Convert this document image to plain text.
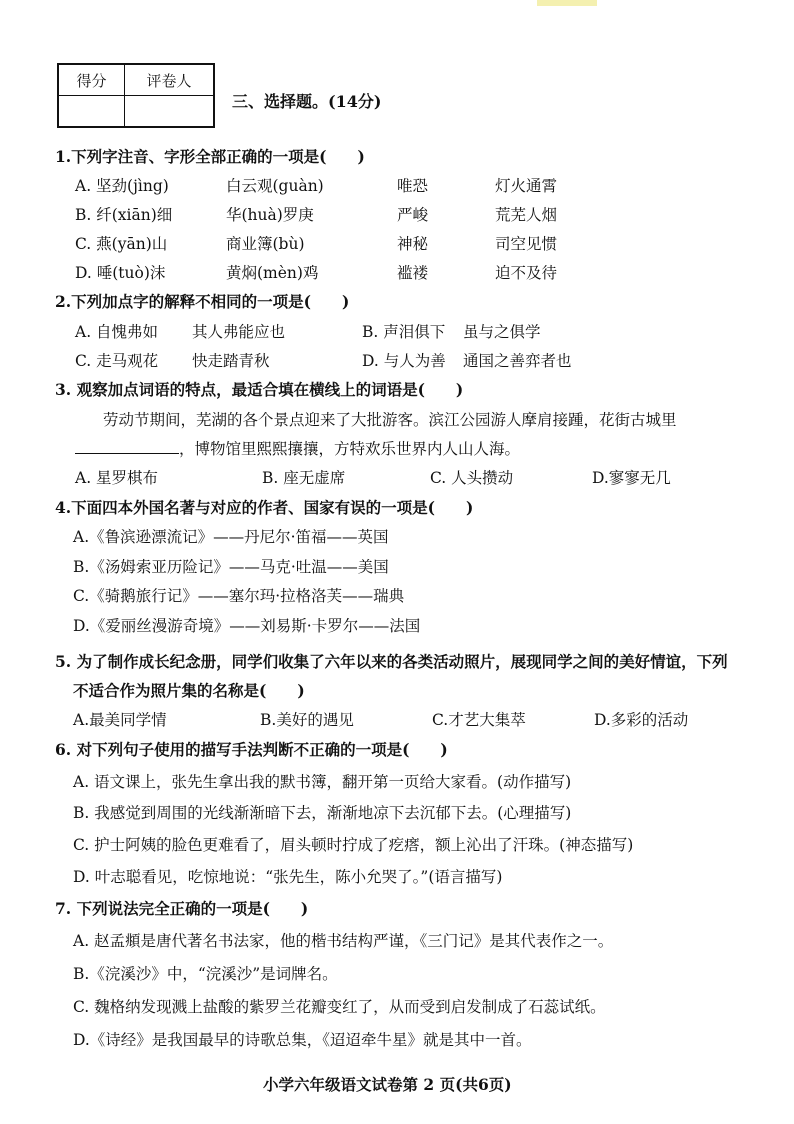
得分	评卷人

三、选择题。(14分)
1.下列字注音、字形全部正确的一项是(　　)
A. 坚劲(jìng)	白云观(guàn)	唯恐	灯火通霄
B. 纤(xiān)细	华(huà)罗庚	严峻	荒芜人烟
C. 燕(yān)山	商业簿(bù)	神秘	司空见惯
D. 唾(tuò)沫	黄焖(mèn)鸡	褴褛	迫不及待
2.下列加点字的解释不相同的一项是(　　)
A. 自愧弗如 其人弗能应也	B. 声泪俱下 虽与之俱学
C. 走马观花 快走踏青秋	D. 与人为善 通国之善弈者也
3. 观察加点词语的特点，最适合填在横线上的词语是(　　)
劳动节期间，芜湖的各个景点迎来了大批游客。滨江公园游人摩肩接踵，花街古城里
，博物馆里熙熙攘攘，方特欢乐世界内人山人海。
A. 星罗棋布	B. 座无虚席	C. 人头攒动	D.寥寥无几
4.下面四本外国名著与对应的作者、国家有误的一项是(　　)
A.《鲁滨逊漂流记》——丹尼尔·笛福——英国
B.《汤姆索亚历险记》——马克·吐温——美国
C.《骑鹅旅行记》——塞尔玛·拉格洛芙——瑞典
D.《爱丽丝漫游奇境》——刘易斯·卡罗尔——法国
5. 为了制作成长纪念册，同学们收集了六年以来的各类活动照片，展现同学之间的美好情谊，下列
不适合作为照片集的名称是(　　)
A.最美同学情	B.美好的遇见	C.才艺大集萃	D.多彩的活动
6. 对下列句子使用的描写手法判断不正确的一项是(　　)
A. 语文课上，张先生拿出我的默书簿，翻开第一页给大家看。(动作描写)
B. 我感觉到周围的光线渐渐暗下去，渐渐地凉下去沉郁下去。(心理描写)
C. 护士阿姨的脸色更难看了，眉头顿时拧成了疙瘩，额上沁出了汗珠。(神态描写)
D. 叶志聪看见，吃惊地说：“张先生，陈小允哭了。”(语言描写)
7. 下列说法完全正确的一项是(　　)
A. 赵孟頫是唐代著名书法家，他的楷书结构严谨，《三门记》是其代表作之一。
B.《浣溪沙》中，“浣溪沙”是词牌名。
C. 魏格纳发现溅上盐酸的紫罗兰花瓣变红了，从而受到启发制成了石蕊试纸。
D.《诗经》是我国最早的诗歌总集，《迢迢牵牛星》就是其中一首。
小学六年级语文试卷第 2 页(共6页)
